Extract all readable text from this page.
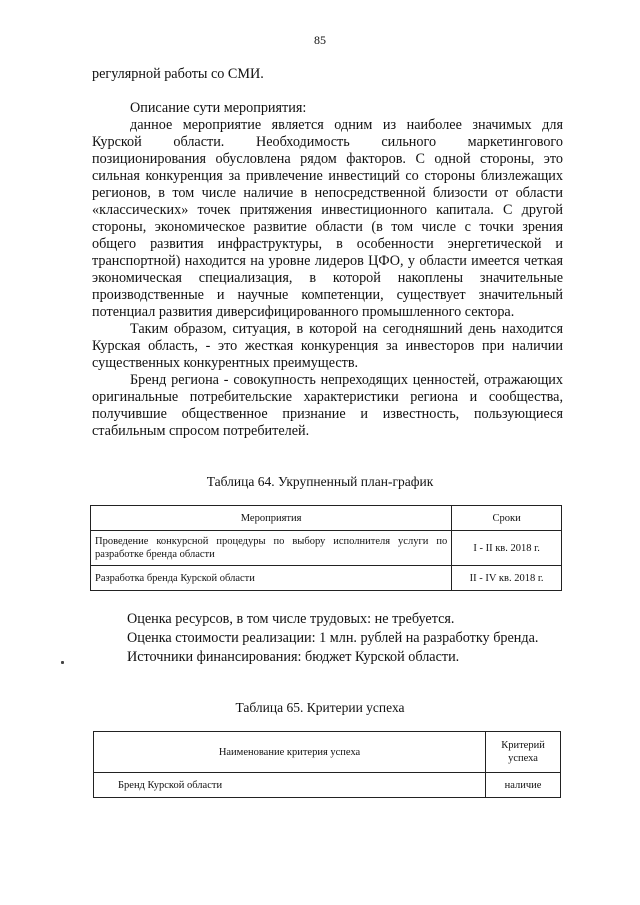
85

регулярной работы со СМИ.

Описание сути мероприятия:

данное мероприятие является одним из наиболее значимых для Курской области. Необходимость сильного маркетингового позиционирования обусловлена рядом факторов. С одной стороны, это сильная конкуренция за привлечение инвестиций со стороны близлежащих регионов, в том числе наличие в непосредственной близости от области «классических» точек притяжения инвестиционного капитала. С другой стороны, экономическое развитие области (в том числе с точки зрения общего развития инфраструктуры, в особенности энергетической и транспортной) находится на уровне лидеров ЦФО, у области имеется четкая экономическая специализация, в которой накоплены значительные производственные и научные компетенции, существует значительный потенциал развития диверсифицированного промышленного сектора.

Таким образом, ситуация, в которой на сегодняшний день находится Курская область, - это жесткая конкуренция за инвесторов при наличии существенных конкурентных преимуществ.

Бренд региона - совокупность непреходящих ценностей, отражающих оригинальные потребительские характеристики региона и сообщества, получившие общественное признание и известность, пользующиеся стабильным спросом потребителей.

Таблица 64. Укрупненный план-график
Мероприятия	Сроки
Проведение конкурсной процедуры по выбору исполнителя услуги по разработке бренда области	I - II кв. 2018 г.
Разработка бренда Курской области	II - IV кв. 2018 г.
Оценка ресурсов, в том числе трудовых: не требуется.
Оценка стоимости реализации: 1 млн. рублей на разработку бренда.
Источники финансирования: бюджет Курской области.
Таблица 65. Критерии успеха
Наименование критерия успеха	Критерий успеха
Бренд Курской области	наличие
